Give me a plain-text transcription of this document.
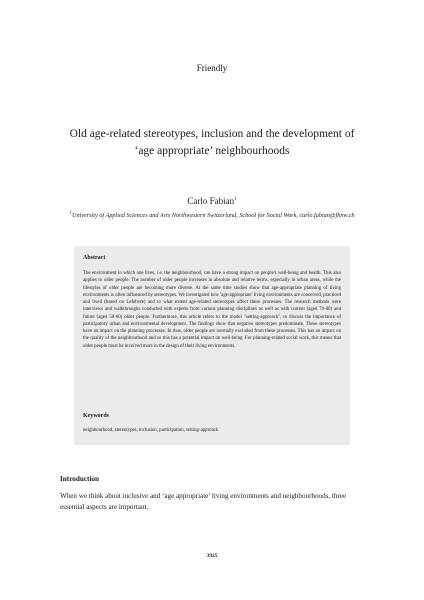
Friendly
Old age-related stereotypes, inclusion and the development of ‘age appropriate’ neighbourhoods
Carlo Fabian$^1$
$^1$University of Applied Sciences and Arts Northwestern Switzerland, School for Social Work, carlo.fabian@fhnw.ch
Abstract
The environment in which one lives, i.e. the neighbourhood, can have a strong impact on people's well-being and health. This also applies to older people. The number of older people increases in absolute and relative terms, especially in urban areas, while the lifestyles of older people are becoming more diverse. At the same time studies show that age-appropriate planning of living environments is often influenced by stereotypes. We investigated how 'age-appropriate' living environments are conceived, practiced and lived (based on Lefebvre) and to what extent age-related stereotypes affect these processes. The research methods were interviews and walkthroughs conducted with experts from various planning disciplines as well as with current (aged 70-80) and future (aged 50-60) older people. Furthermore, this article refers to the model "setting-approach", to discuss the importance of participatory urban and environmental development. The findings show that negative stereotypes predominate. These stereotypes have an impact on the planning processes. In thus, older people are normally excluded from these processes. This has an impact on the quality of the neighbourhood and so this has a potential impact on well-being. For planning-related social work, this means that older people must be involved more in the design of their living environments.
Keywords
neighbourhood, stereotypes, inclusion, participation, setting-approach
Introduction
When we think about inclusive and ‘age appropriate’ living environments and neighbourhoods, three essential aspects are important.
3925
